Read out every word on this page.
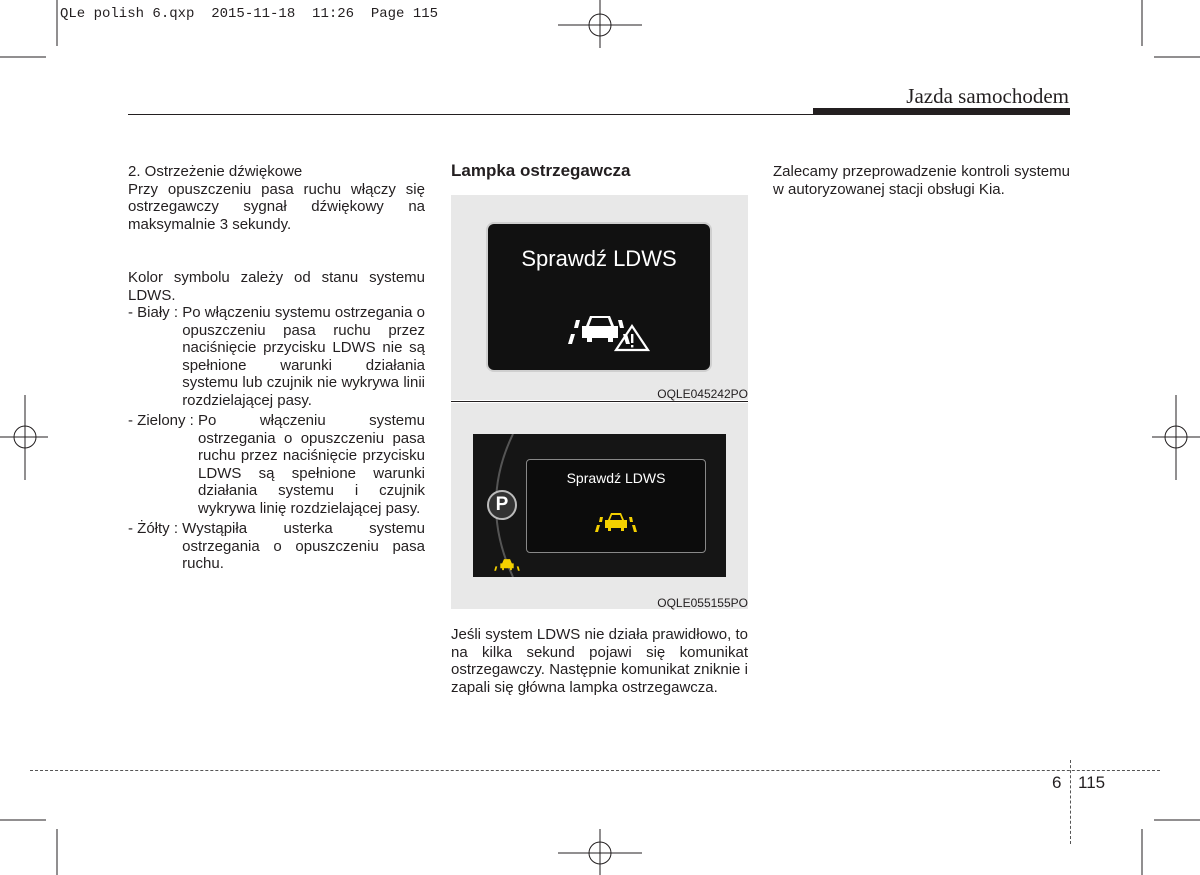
QLe polish 6.qxp  2015-11-18  11:26  Page 115
Jazda samochodem

2. Ostrzeżenie dźwiękowe

Przy opuszczeniu pasa ruchu włączy się ostrzegawczy sygnał dźwiękowy na maksymalnie 3 sekundy.

Kolor symbolu zależy od stanu systemu LDWS.

- Biały : Po włączeniu systemu ostrzegania o opuszczeniu pasa ruchu przez naciśnięcie przycisku LDWS nie są spełnione warunki działania systemu lub czujnik nie wykrywa linii rozdzielającej pasy.
- Zielony : Po włączeniu systemu ostrzegania o opuszczeniu pasa ruchu przez naciśnięcie przycisku LDWS są spełnione warunki działania systemu i czujnik wykrywa linię rozdzielającej pasy.
- Żółty : Wystąpiła usterka systemu ostrzegania o opuszczeniu pasa ruchu.

Lampka ostrzegawcza

Sprawdź LDWS
OQLE045242PO
P
Sprawdź LDWS
OQLE055155PO

Jeśli system LDWS nie działa prawidłowo, to na kilka sekund pojawi się komunikat ostrzegawczy. Następnie komunikat zniknie i zapali się główna lampka ostrzegawcza.

Zalecamy przeprowadzenie kontroli systemu w autoryzowanej stacji obsługi Kia.

6 115
